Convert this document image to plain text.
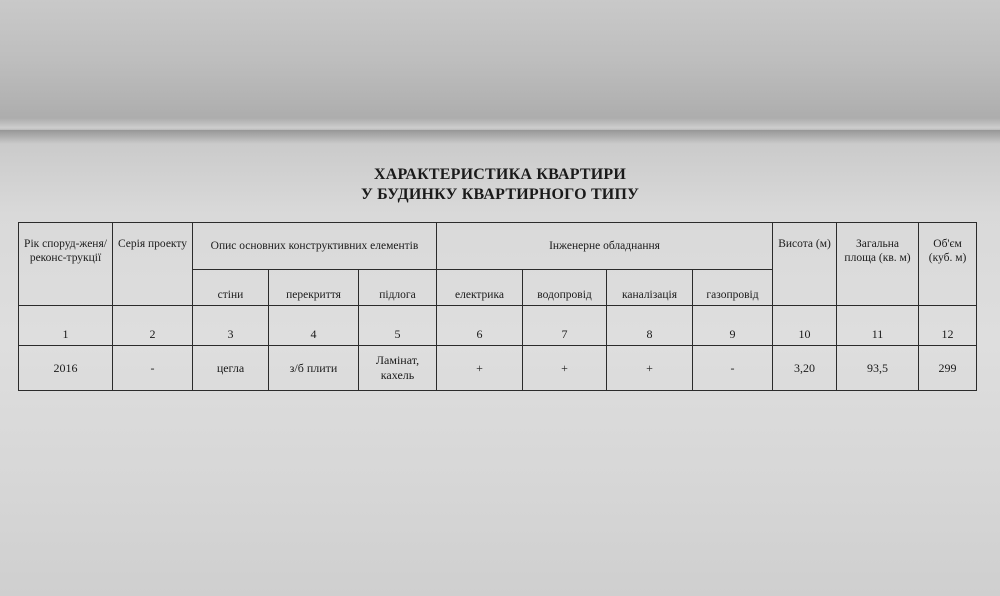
ХАРАКТЕРИСТИКА КВАРТИРИ
У БУДИНКУ КВАРТИРНОГО ТИПУ
Рік споруд-женя/ реконс-трукції	Серія проекту	Опис основних конструктивних елементів			Інженерне обладнання				Висота (м)	Загальна площа (кв. м)	Об'єм (куб. м)
		стіни	перекриття	підлога	електрика	водопровід	каналізація	газопровід			
1	2	3	4	5	6	7	8	9	10	11	12
2016	-	цегла	з/б плити	Ламінат, кахель	+	+	+	-	3,20	93,5	299
